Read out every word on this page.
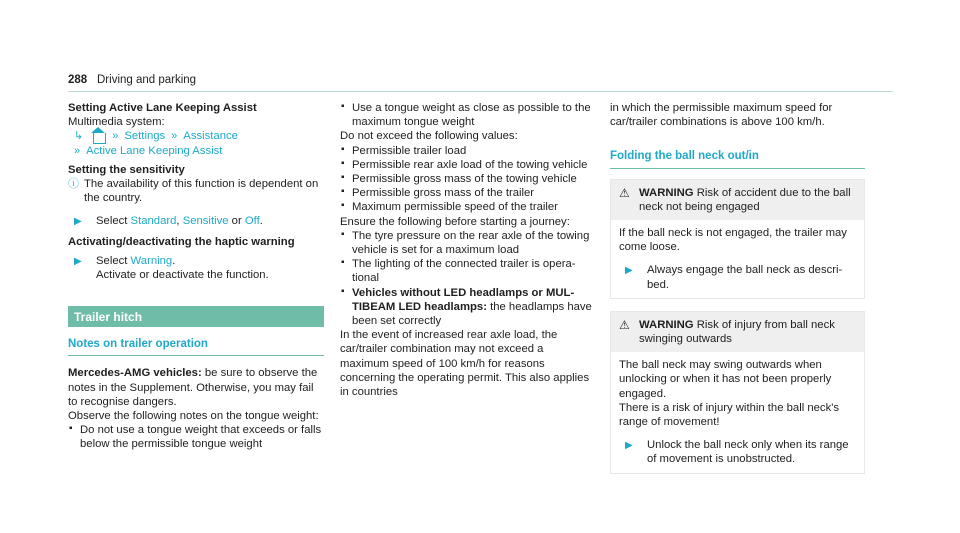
288 Driving and parking

Setting Active Lane Keeping Assist

Multimedia system:

↳	» Settings » Assistance
» Active Lane Keeping Assist

Setting the sensitivity

ⓘ The availability of this function is dependent on the country.
▶ Select Standard, Sensitive or Off.

Activating/deactivating the haptic warning

▶ Select Warning.
Activate or deactivate the function.
Trailer hitch
Notes on trailer operation

Mercedes-AMG vehicles: be sure to observe the notes in the Supplement. Otherwise, you may fail to recognise dangers.

Observe the following notes on the tongue weight:

▪ Do not use a tongue weight that exceeds or falls below the permissible tongue weight
▪ Use a tongue weight as close as possible to the maximum tongue weight

Do not exceed the following values:

▪ Permissible trailer load
▪ Permissible rear axle load of the towing vehicle
▪ Permissible gross mass of the towing vehicle
▪ Permissible gross mass of the trailer
▪ Maximum permissible speed of the trailer

Ensure the following before starting a journey:

▪ The tyre pressure on the rear axle of the towing vehicle is set for a maximum load
▪ The lighting of the connected trailer is operational
▪ Vehicles without LED headlamps or MULTIBEAM LED headlamps: the headlamps have been set correctly

In the event of increased rear axle load, the car/trailer combination may not exceed a maximum speed of 100 km/h for reasons concerning the operating permit. This also applies in countries

in which the permissible maximum speed for car/trailer combinations is above 100 km/h.

Folding the ball neck out/in
⚠ WARNING Risk of accident due to the ball neck not being engaged

If the ball neck is not engaged, the trailer may come loose.

▶ Always engage the ball neck as described.
⚠ WARNING Risk of injury from ball neck swinging outwards

The ball neck may swing outwards when unlocking or when it has not been properly engaged.

There is a risk of injury within the ball neck's range of movement!

▶ Unlock the ball neck only when its range of movement is unobstructed.
